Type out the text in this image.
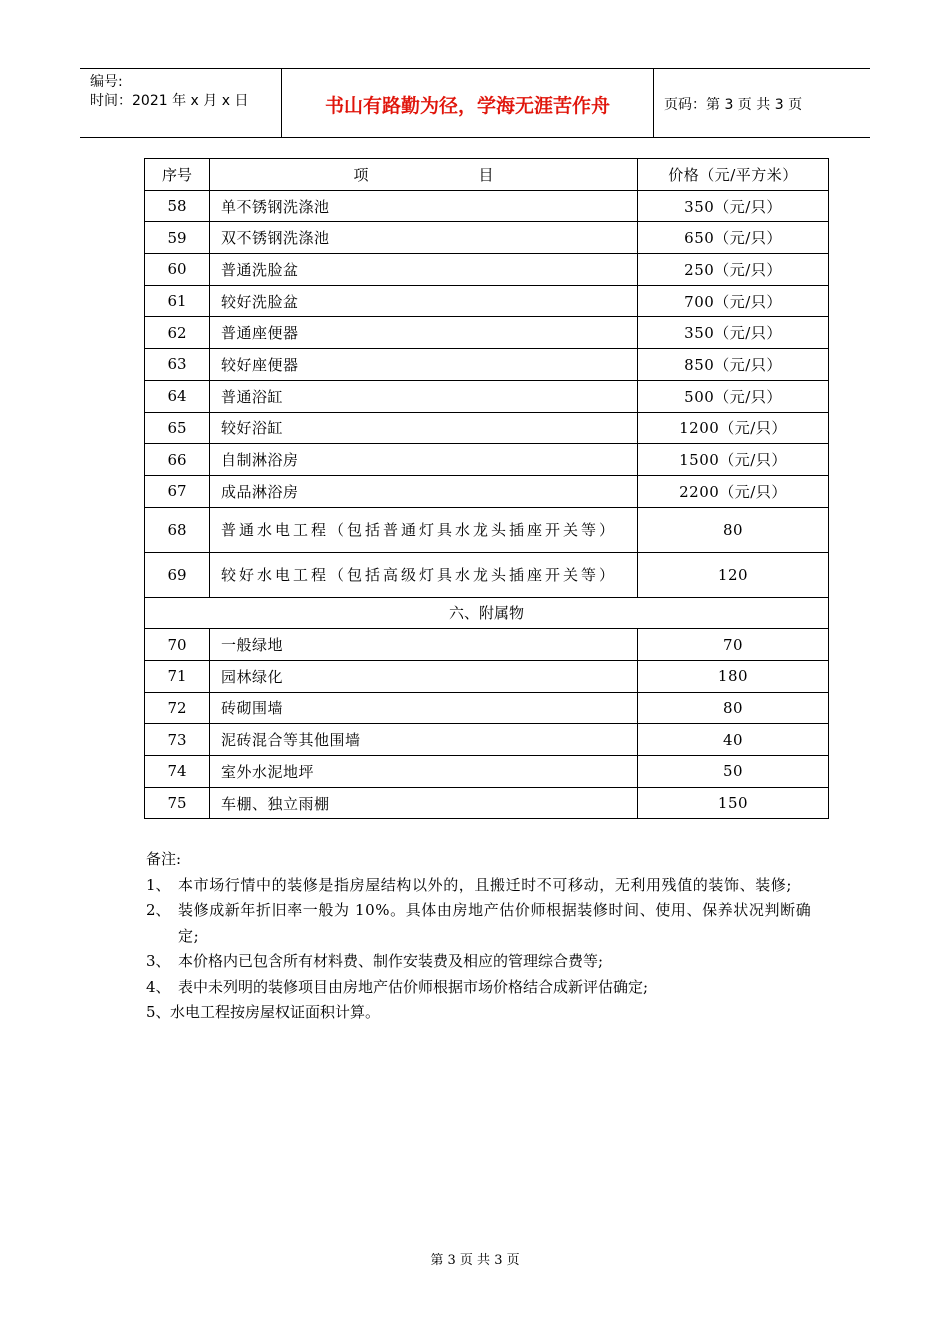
编号:
时间：2021 年 x 月 x 日	书山有路勤为径，学海无涯苦作舟	页码：第 3 页 共 3 页
序号	项 目	价格（元/平方米）
58	单不锈钢洗涤池	350（元/只）
59	双不锈钢洗涤池	650（元/只）
60	普通洗脸盆	250（元/只）
61	较好洗脸盆	700（元/只）
62	普通座便器	350（元/只）
63	较好座便器	850（元/只）
64	普通浴缸	500（元/只）
65	较好浴缸	1200（元/只）
66	自制淋浴房	1500（元/只）
67	成品淋浴房	2200（元/只）
68	普通水电工程（包括普通灯具水龙头插座开关等）	80
69	较好水电工程（包括高级灯具水龙头插座开关等）	120
六、附属物		
70	一般绿地	70
71	园林绿化	180
72	砖砌围墙	80
73	泥砖混合等其他围墙	40
74	室外水泥地坪	50
75	车棚、独立雨棚	150
备注:
1、 本市场行情中的装修是指房屋结构以外的，且搬迁时不可移动，无利用残值的装饰、装修;
2、 装修成新年折旧率一般为 10%。具体由房地产估价师根据装修时间、使用、保养状况判断确定;
3、 本价格内已包含所有材料费、制作安装费及相应的管理综合费等;
4、 表中未列明的装修项目由房地产估价师根据市场价格结合成新评估确定;
5、 水电工程按房屋权证面积计算。
第 3 页 共 3 页
